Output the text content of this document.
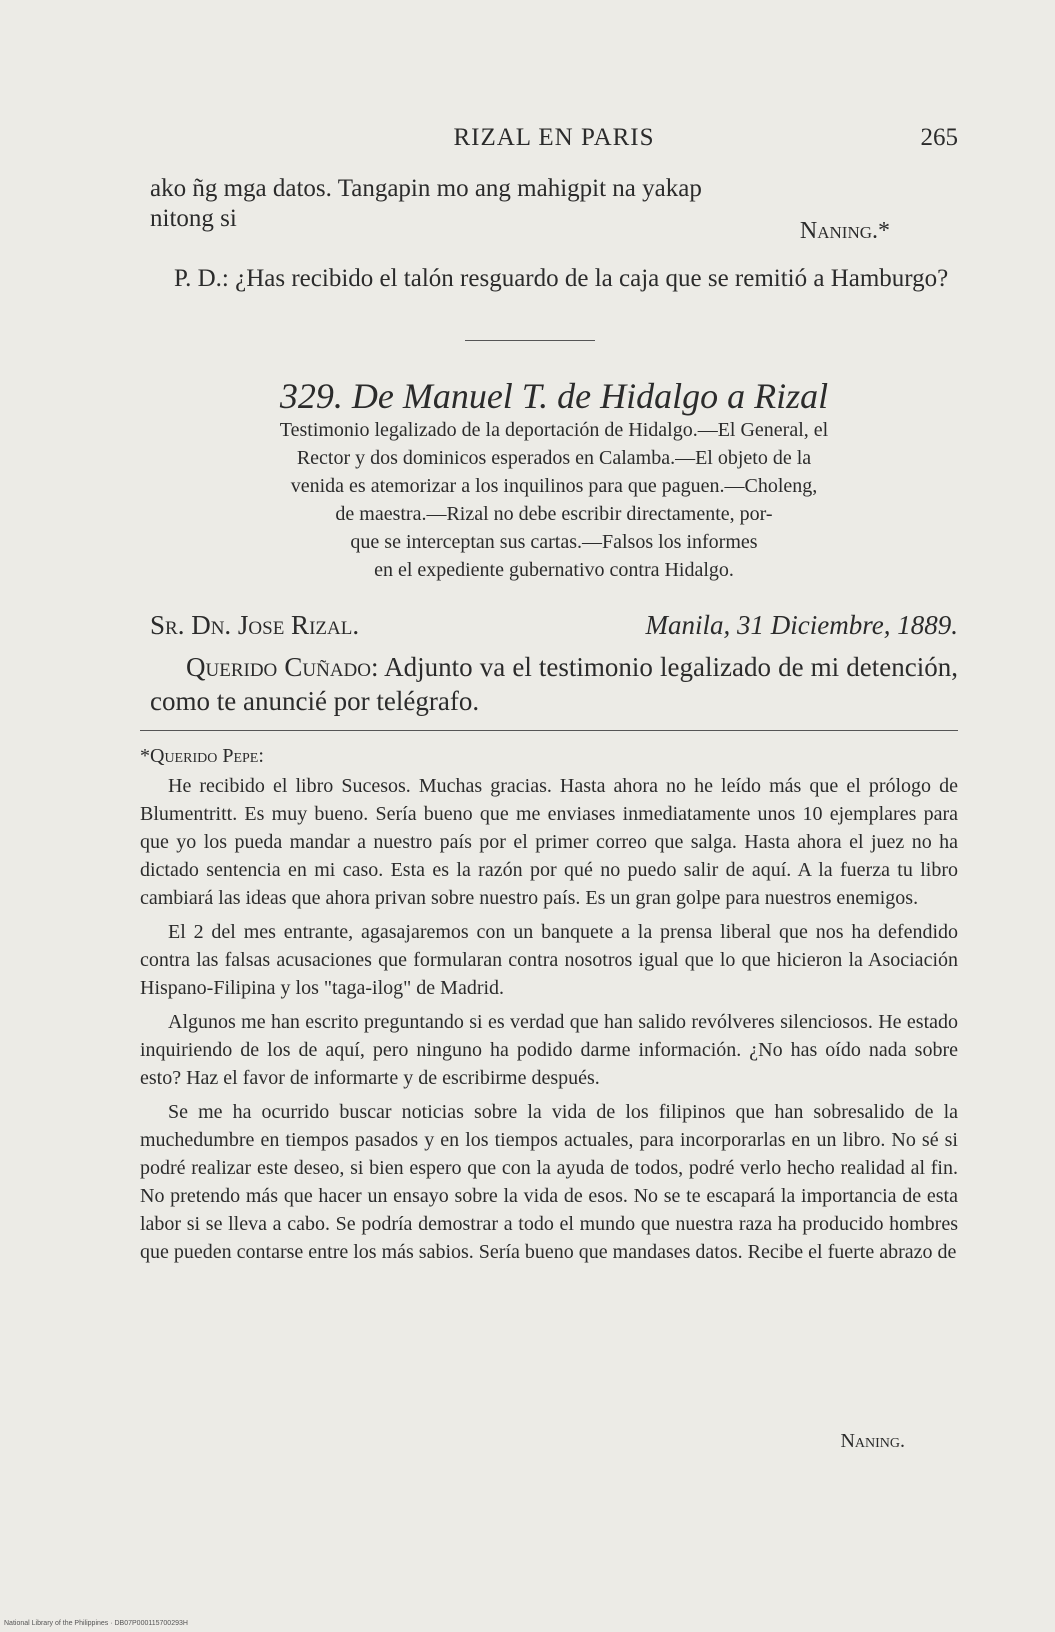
RIZAL EN PARIS	265
ako ñg mga datos. Tangapin mo ang mahigpit na yakap
nitong si	Naning.*

P. D.: ¿Has recibido el talón resguardo de la caja que se remitió a Hamburgo?

329. De Manuel T. de Hidalgo a Rizal
Testimonio legalizado de la deportación de Hidalgo.—El General, el
Rector y dos dominicos esperados en Calamba.—El objeto de la
venida es atemorizar a los inquilinos para que paguen.—Choleng,
de maestra.—Rizal no debe escribir directamente, por-
que se interceptan sus cartas.—Falsos los informes
en el expediente gubernativo contra Hidalgo.
Sr. Dn. Jose Rizal.	Manila, 31 Diciembre, 1889.

Querido Cuñado: Adjunto va el testimonio legalizado de mi detención, como te anuncié por telégrafo.

*Querido Pepe:

He recibido el libro Sucesos. Muchas gracias. Hasta ahora no he leído más que el prólogo de Blumentritt. Es muy bueno. Sería bueno que me enviases inmediatamente unos 10 ejemplares para que yo los pueda mandar a nuestro país por el primer correo que salga. Hasta ahora el juez no ha dictado sentencia en mi caso. Esta es la razón por qué no puedo salir de aquí. A la fuerza tu libro cambiará las ideas que ahora privan sobre nuestro país. Es un gran golpe para nuestros enemigos.

El 2 del mes entrante, agasajaremos con un banquete a la prensa liberal que nos ha defendido contra las falsas acusaciones que formularan contra nosotros igual que lo que hicieron la Asociación Hispano-Filipina y los "taga-ilog" de Madrid.

Algunos me han escrito preguntando si es verdad que han salido revólveres silenciosos. He estado inquiriendo de los de aquí, pero ninguno ha podido darme información. ¿No has oído nada sobre esto? Haz el favor de informarte y de escribirme después.

Se me ha ocurrido buscar noticias sobre la vida de los filipinos que han sobresalido de la muchedumbre en tiempos pasados y en los tiempos actuales, para incorporarlas en un libro. No sé si podré realizar este deseo, si bien espero que con la ayuda de todos, podré verlo hecho realidad al fin. No pretendo más que hacer un ensayo sobre la vida de esos. No se te escapará la importancia de esta labor si se lleva a cabo. Se podría demostrar a todo el mundo que nuestra raza ha producido hombres que pueden contarse entre los más sabios. Sería bueno que mandases datos. Recibe el fuerte abrazo de

Naning.
National Library of the Philippines · DB07P000115700293H
